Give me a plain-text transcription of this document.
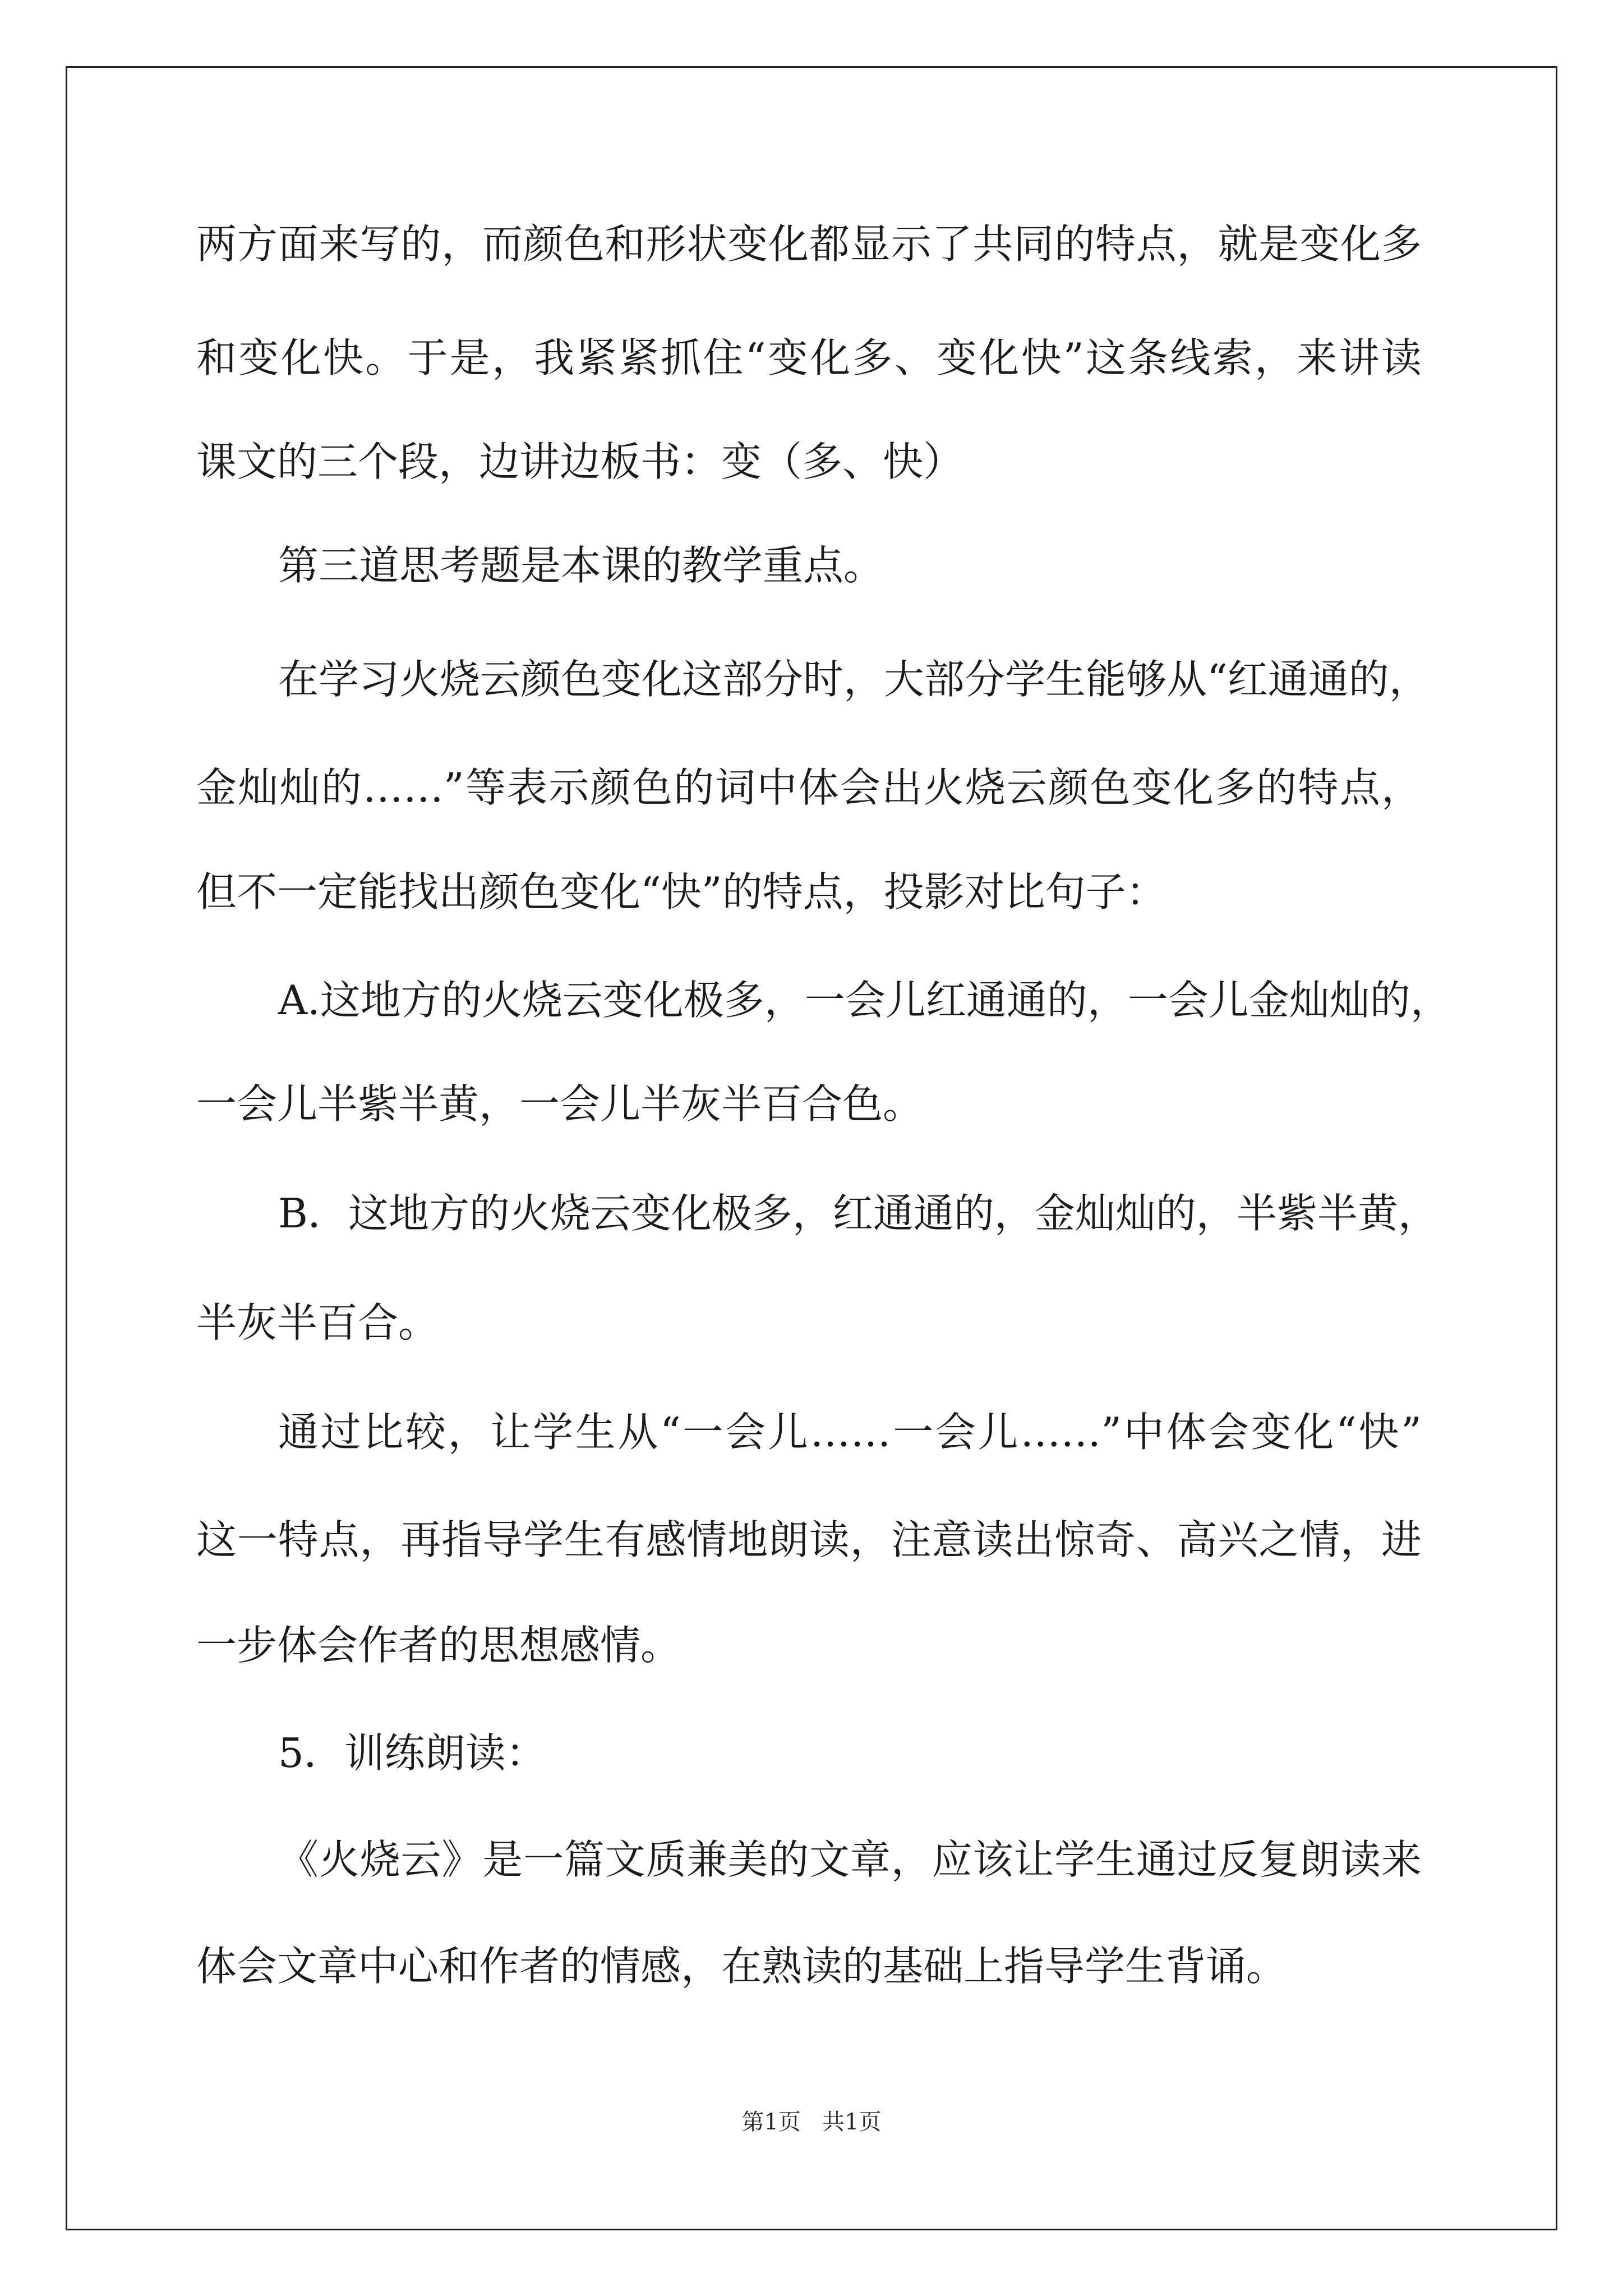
两方面来写的，而颜色和形状变化都显示了共同的特点，就是变化多
和变化快。于是，我紧紧抓住“变化多、变化快”这条线索，来讲读
课文的三个段，边讲边板书：变（多、快）
第三道思考题是本课的教学重点。
在学习火烧云颜色变化这部分时，大部分学生能够从“红通通的，
金灿灿的……”等表示颜色的词中体会出火烧云颜色变化多的特点，
但不一定能找出颜色变化“快”的特点，投影对比句子：
A.这地方的火烧云变化极多，一会儿红通通的，一会儿金灿灿的，
一会儿半紫半黄，一会儿半灰半百合色。
B．这地方的火烧云变化极多，红通通的，金灿灿的，半紫半黄，
半灰半百合。
通过比较，让学生从“一会儿……一会儿……”中体会变化“快”
这一特点，再指导学生有感情地朗读，注意读出惊奇、高兴之情，进
一步体会作者的思想感情。
5．训练朗读：
《火烧云》是一篇文质兼美的文章，应该让学生通过反复朗读来
体会文章中心和作者的情感，在熟读的基础上指导学生背诵。
第1页   共1页
